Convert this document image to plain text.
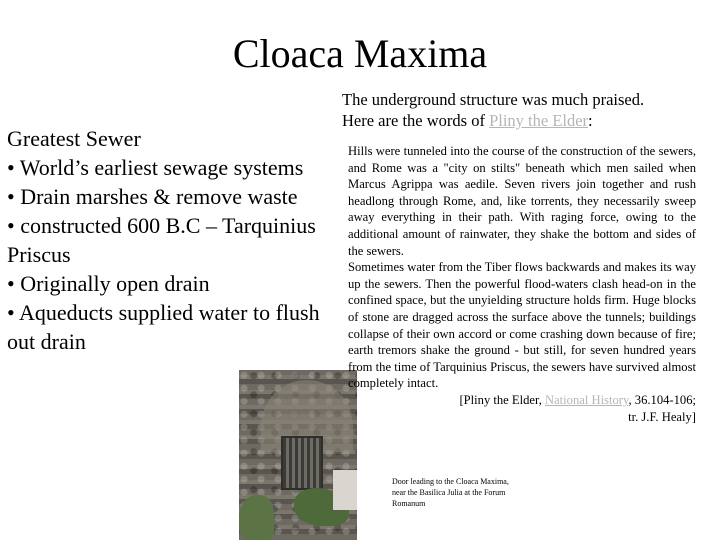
Cloaca Maxima

Greatest Sewer

• World’s earliest sewage systems

• Drain marshes & remove waste

• constructed 600 B.C – Tarquinius Priscus

• Originally open drain

• Aqueducts supplied water to flush out drain

The underground structure was much praised.
Here are the words of Pliny the Elder:

Hills were tunneled into the course of the construction of the sewers, and Rome was a "city on stilts" beneath which men sailed when Marcus Agrippa was aedile. Seven rivers join together and rush headlong through Rome, and, like torrents, they necessarily sweep away everything in their path. With raging force, owing to the additional amount of rainwater, they shake the bottom and sides of the sewers.

Sometimes water from the Tiber flows backwards and makes its way up the sewers. Then the powerful flood-waters clash head-on in the confined space, but the unyielding structure holds firm. Huge blocks of stone are dragged across the surface above the tunnels; buildings collapse of their own accord or come crashing down because of fire; earth tremors shake the ground - but still, for seven hundred years from the time of Tarquinius Priscus, the sewers have survived almost completely intact.

[Pliny the Elder, National History, 36.104-106;

tr. J.F. Healy]

Door leading to the Cloaca Maxima, near the Basilica Julia at the Forum Romanum
